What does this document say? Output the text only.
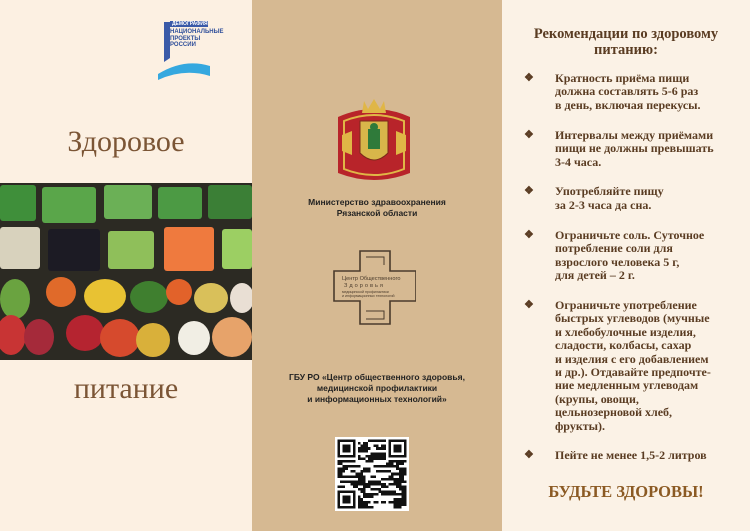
ДЕМОГРАФИЯ
НАЦИОНАЛЬНЫЕ
ПРОЕКТЫ
РОССИИ
Здоровое
питание
Министерство здравоохранения
Рязанской области
Центр Общественного
Здоровья
медицинской профилактики
и информационных технологий
ГБУ РО «Центр общественного здоровья,
медицинской профилактики
и информационных технологий»
Рекомендации по здоровому
питанию:
❖ Кратность приёма пищи
должна составлять 5-6 раз
в день, включая перекусы.
❖ Интервалы между приёмами
пищи не должны превышать
3-4 часа.
❖ Употребляйте пищу
за 2-3 часа да сна.
❖ Ограничьте соль. Суточное
потребление соли для
взрослого человека 5 г,
для детей – 2 г.
❖ Ограничьте употребление
быстрых углеводов (мучные
и хлебобулочные изделия,
сладости, колбасы, сахар
и изделия с его добавлением
и др.). Отдавайте предпочте-
ние медленным углеводам
(крупы, овощи,
цельнозерновой хлеб,
фрукты).
❖ Пейте не менее 1,5-2 литров
БУДЬТЕ ЗДОРОВЫ!
